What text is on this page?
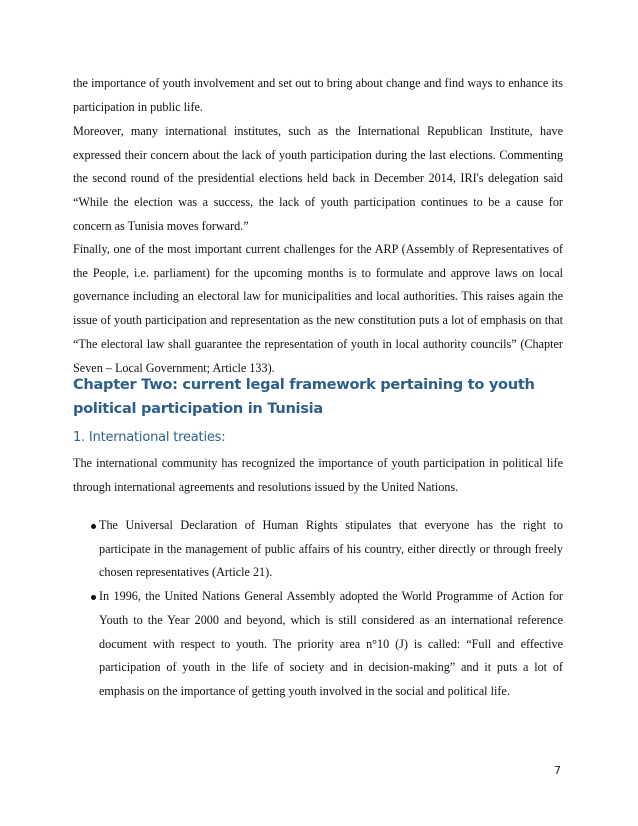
the importance of youth involvement and set out to bring about change and find ways to enhance its participation in public life.

Moreover, many international institutes, such as the International Republican Institute, have expressed their concern about the lack of youth participation during the last elections. Commenting the second round of the presidential elections held back in December 2014, IRI's delegation said “While the election was a success, the lack of youth participation continues to be a cause for concern as Tunisia moves forward.”

Finally, one of the most important current challenges for the ARP (Assembly of Representatives of the People, i.e. parliament) for the upcoming months is to formulate and approve laws on local governance including an electoral law for municipalities and local authorities. This raises again the issue of youth participation and representation as the new constitution puts a lot of emphasis on that “The electoral law shall guarantee the representation of youth in local authority councils” (Chapter Seven – Local Government; Article 133).

Chapter Two: current legal framework pertaining to youth political participation in Tunisia
1. International treaties:

The international community has recognized the importance of youth participation in political life through international agreements and resolutions issued by the United Nations.

The Universal Declaration of Human Rights stipulates that everyone has the right to participate in the management of public affairs of his country, either directly or through freely chosen representatives (Article 21).
In 1996, the United Nations General Assembly adopted the World Programme of Action for Youth to the Year 2000 and beyond, which is still considered as an international reference document with respect to youth. The priority area n°10 (J) is called: “Full and effective participation of youth in the life of society and in decision-making” and it puts a lot of emphasis on the importance of getting youth involved in the social and political life.

7
